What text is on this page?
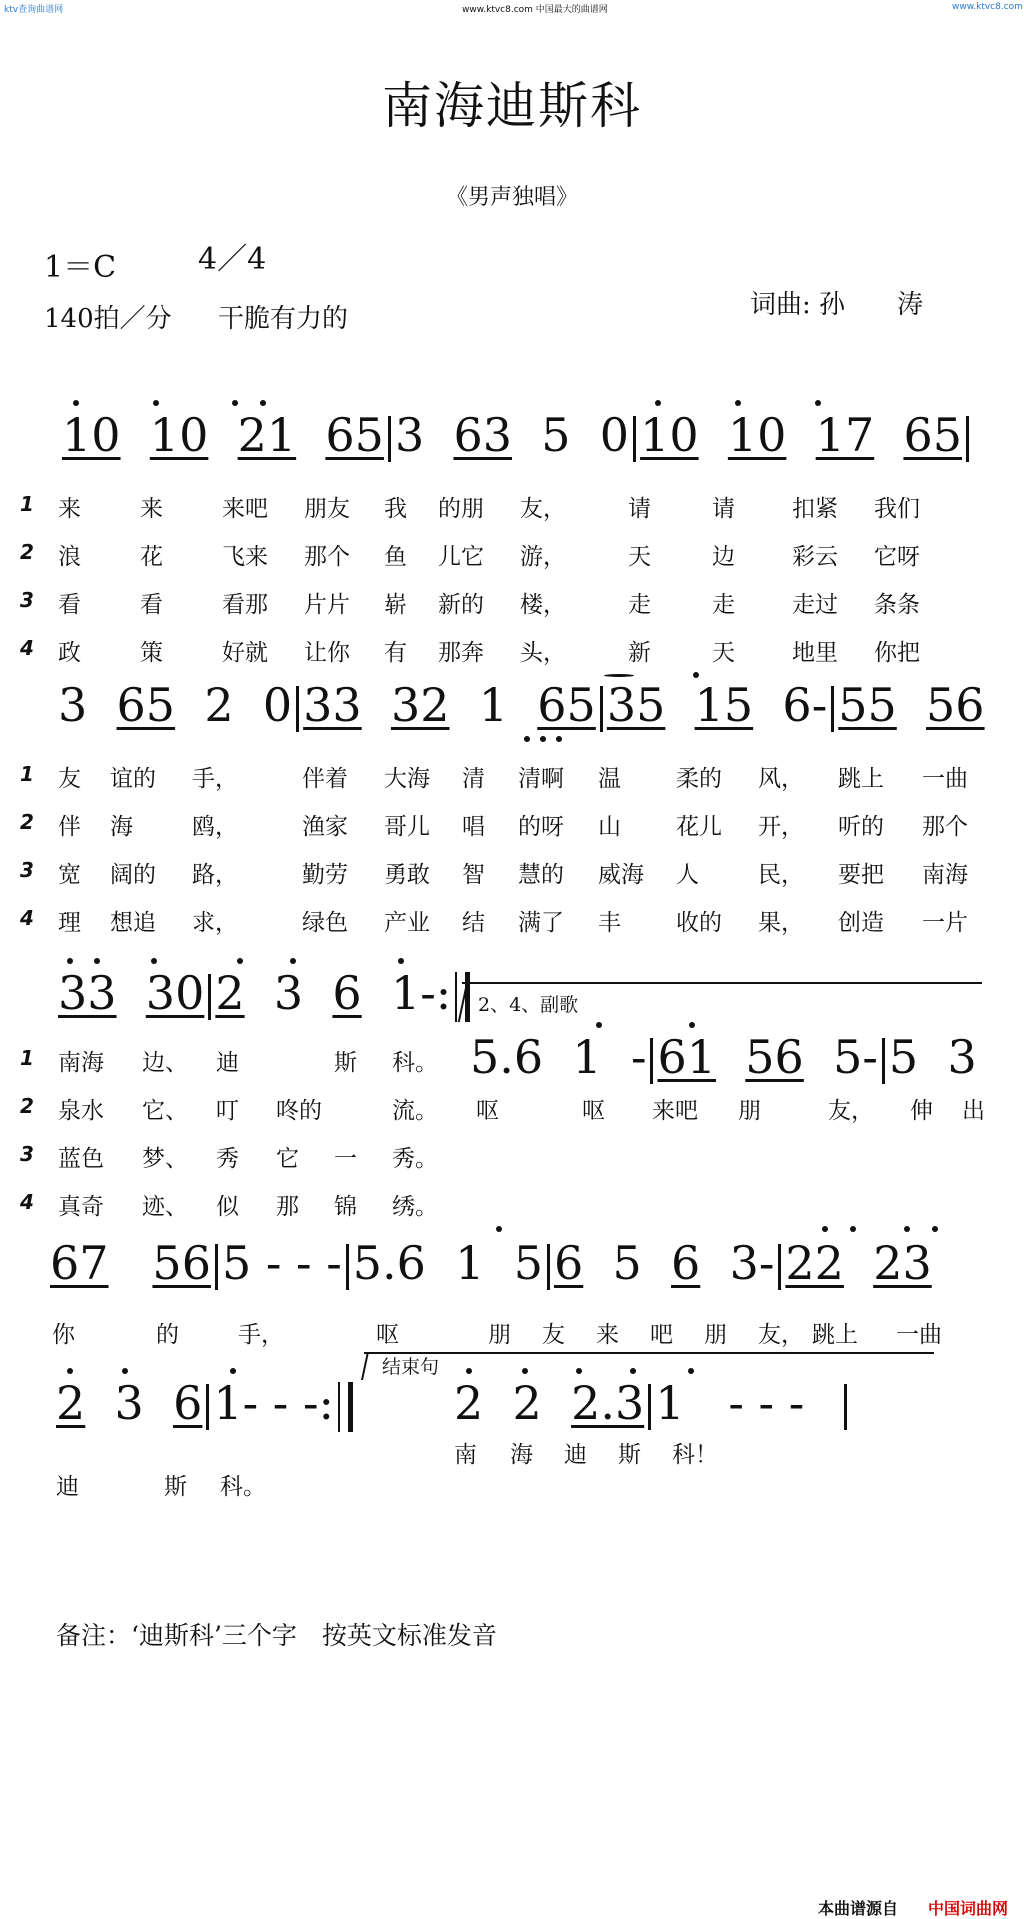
ktv查询曲谱网	www.ktvc8.com 中国最大的曲谱网	www.ktvc8.com
南海迪斯科
《男声独唱》
1＝C	4／4
140拍／分 干脆有力的	词曲: 孙　　涛
10 10 21 65 3 63 5 0 10 10 17 65
1 来	来	来吧 朋友 我 的朋 友，	请	请 扣紧 我们
2 浪	花	飞来 那个 鱼 儿它 游，	天	边 彩云 它呀
3 看	看	看那 片片 崭 新的 楼，	走	走 走过 条条
4 政	策	好就 让你 有 那奔 头，	新	天 地里 你把
3 65 2 0 33 32 1 65 35 15 6- 55 56
1 友 谊的 手，	伴着 大海 清 清啊 温 柔的 风， 跳上 一曲
2 伴 海	鸥，	渔家 哥儿 唱 的呀 山 花儿 开， 听的 那个
3 宽 阔的 路，	勤劳 勇敢 智 慧的 威海 人	民， 要把 南海
4 理 想追 求，	绿色 产业 结 满了 丰 收的 果， 创造 一片
33 30 2 3 6 1-:	2、4、副歌
5.6 1 - 61 56 5- 5 3
1 南海 边、 迪	斯 科。
2 泉水 它、 叮 咚的	流。 呕	呕 来吧 朋	友， 伸 出
3 蓝色 梦、 秀 它 一 秀。
4 真奇 迹、 似 那 锦 绣。
67 56 5 - - - 5.6 1 5 6 5 6 3- 22 23
你	的	手，	呕	朋 友 来 吧 朋 友， 跳上 一曲
2 3 6 1- - -:
结束句
2 2 2.3 1 - - -
南 海 迪 斯 科！
迪	斯 科。
备注：‘迪斯科’三个字　按英文标准发音
本曲谱源自 中国词曲网
